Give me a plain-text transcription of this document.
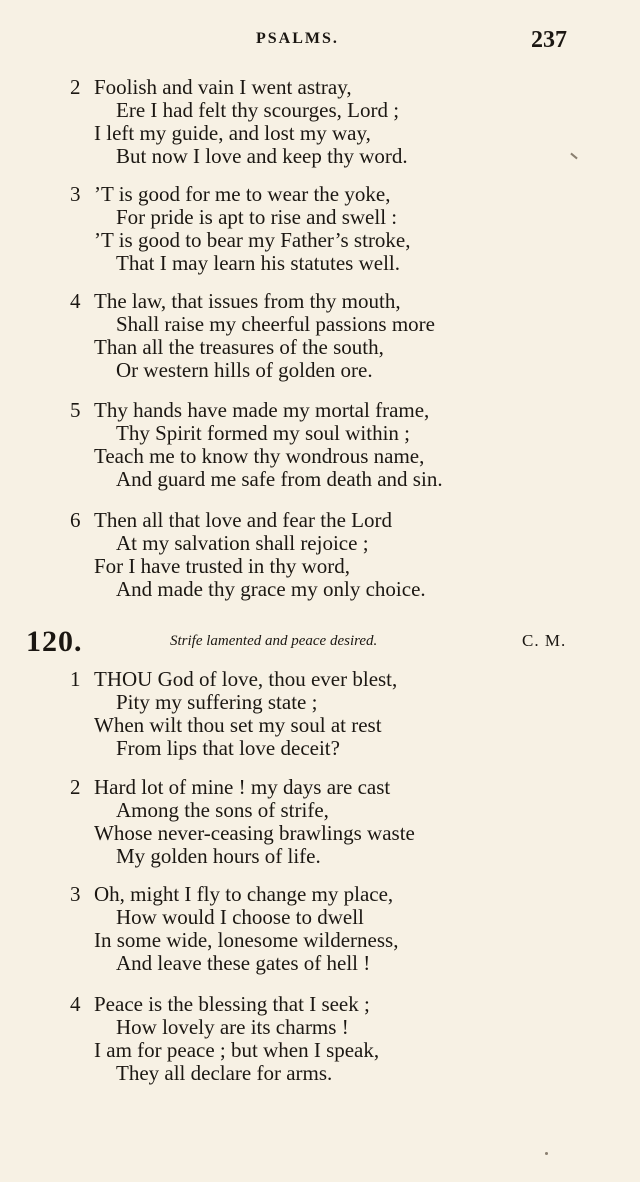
PSALMS.	237
2 Foolish and vain I went astray,
Ere I had felt thy scourges, Lord ;
I left my guide, and lost my way,
But now I love and keep thy word.
3 ’T is good for me to wear the yoke,
For pride is apt to rise and swell :
’T is good to bear my Father’s stroke,
That I may learn his statutes well.
4 The law, that issues from thy mouth,
Shall raise my cheerful passions more
Than all the treasures of the south,
Or western hills of golden ore.
5 Thy hands have made my mortal frame,
Thy Spirit formed my soul within ;
Teach me to know thy wondrous name,
And guard me safe from death and sin.
6 Then all that love and fear the Lord
At my salvation shall rejoice ;
For I have trusted in thy word,
And made thy grace my only choice.
120.	Strife lamented and peace desired.	C. M.
1 THOU God of love, thou ever blest,
Pity my suffering state ;
When wilt thou set my soul at rest
From lips that love deceit?
2 Hard lot of mine ! my days are cast
Among the sons of strife,
Whose never-ceasing brawlings waste
My golden hours of life.
3 Oh, might I fly to change my place,
How would I choose to dwell
In some wide, lonesome wilderness,
And leave these gates of hell !
4 Peace is the blessing that I seek ;
How lovely are its charms !
I am for peace ; but when I speak,
They all declare for arms.
